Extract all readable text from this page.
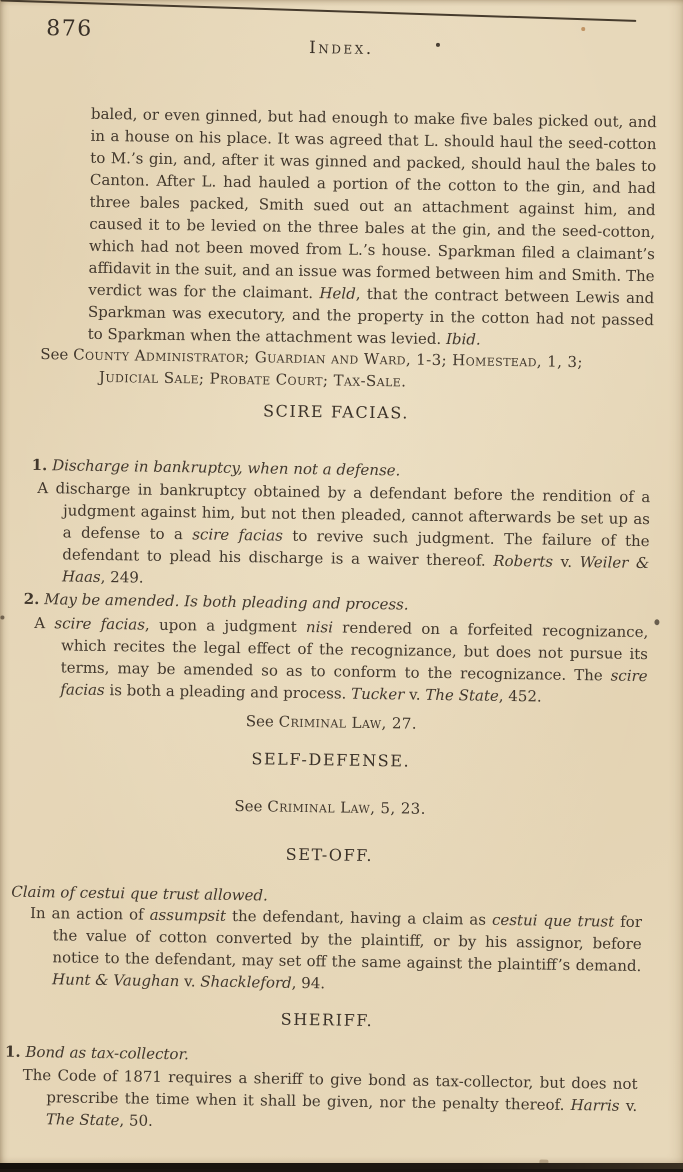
876
Index.

baled, or even ginned, but had enough to make five bales picked out, and in a house on his place. It was agreed that L. should haul the seed-cotton to M.’s gin, and, after it was ginned and packed, should haul the bales to Canton. After L. had hauled a portion of the cotton to the gin, and had three bales packed, Smith sued out an attachment against him, and caused it to be levied on the three bales at the gin, and the seed-cotton, which had not been moved from L.’s house. Sparkman filed a claimant’s affidavit in the suit, and an issue was formed between him and Smith. The verdict was for the claimant. Held, that the contract between Lewis and Sparkman was executory, and the property in the cotton had not passed to Sparkman when the attachment was levied. Ibid.

See County Administrator; Guardian and Ward, 1-3; Homestead, 1, 3; Judicial Sale; Probate Court; Tax-Sale.

SCIRE FACIAS.

1. Discharge in bankruptcy, when not a defense.

A discharge in bankruptcy obtained by a defendant before the rendition of a judgment against him, but not then pleaded, cannot afterwards be set up as a defense to a scire facias to revive such judgment. The failure of the defendant to plead his discharge is a waiver thereof. Roberts v. Weiler & Haas, 249.

2. May be amended. Is both pleading and process.

A scire facias, upon a judgment nisi rendered on a forfeited recognizance, which recites the legal effect of the recognizance, but does not pursue its terms, may be amended so as to conform to the recognizance. The scire facias is both a pleading and process. Tucker v. The State, 452.

See Criminal Law, 27.

SELF-DEFENSE.

See Criminal Law, 5, 23.

SET-OFF.

Claim of cestui que trust allowed.

In an action of assumpsit the defendant, having a claim as cestui que trust for the value of cotton converted by the plaintiff, or by his assignor, before notice to the defendant, may set off the same against the plaintiff’s demand. Hunt & Vaughan v. Shackleford, 94.

SHERIFF.

1. Bond as tax-collector.

The Code of 1871 requires a sheriff to give bond as tax-collector, but does not prescribe the time when it shall be given, nor the penalty thereof. Harris v. The State, 50.
